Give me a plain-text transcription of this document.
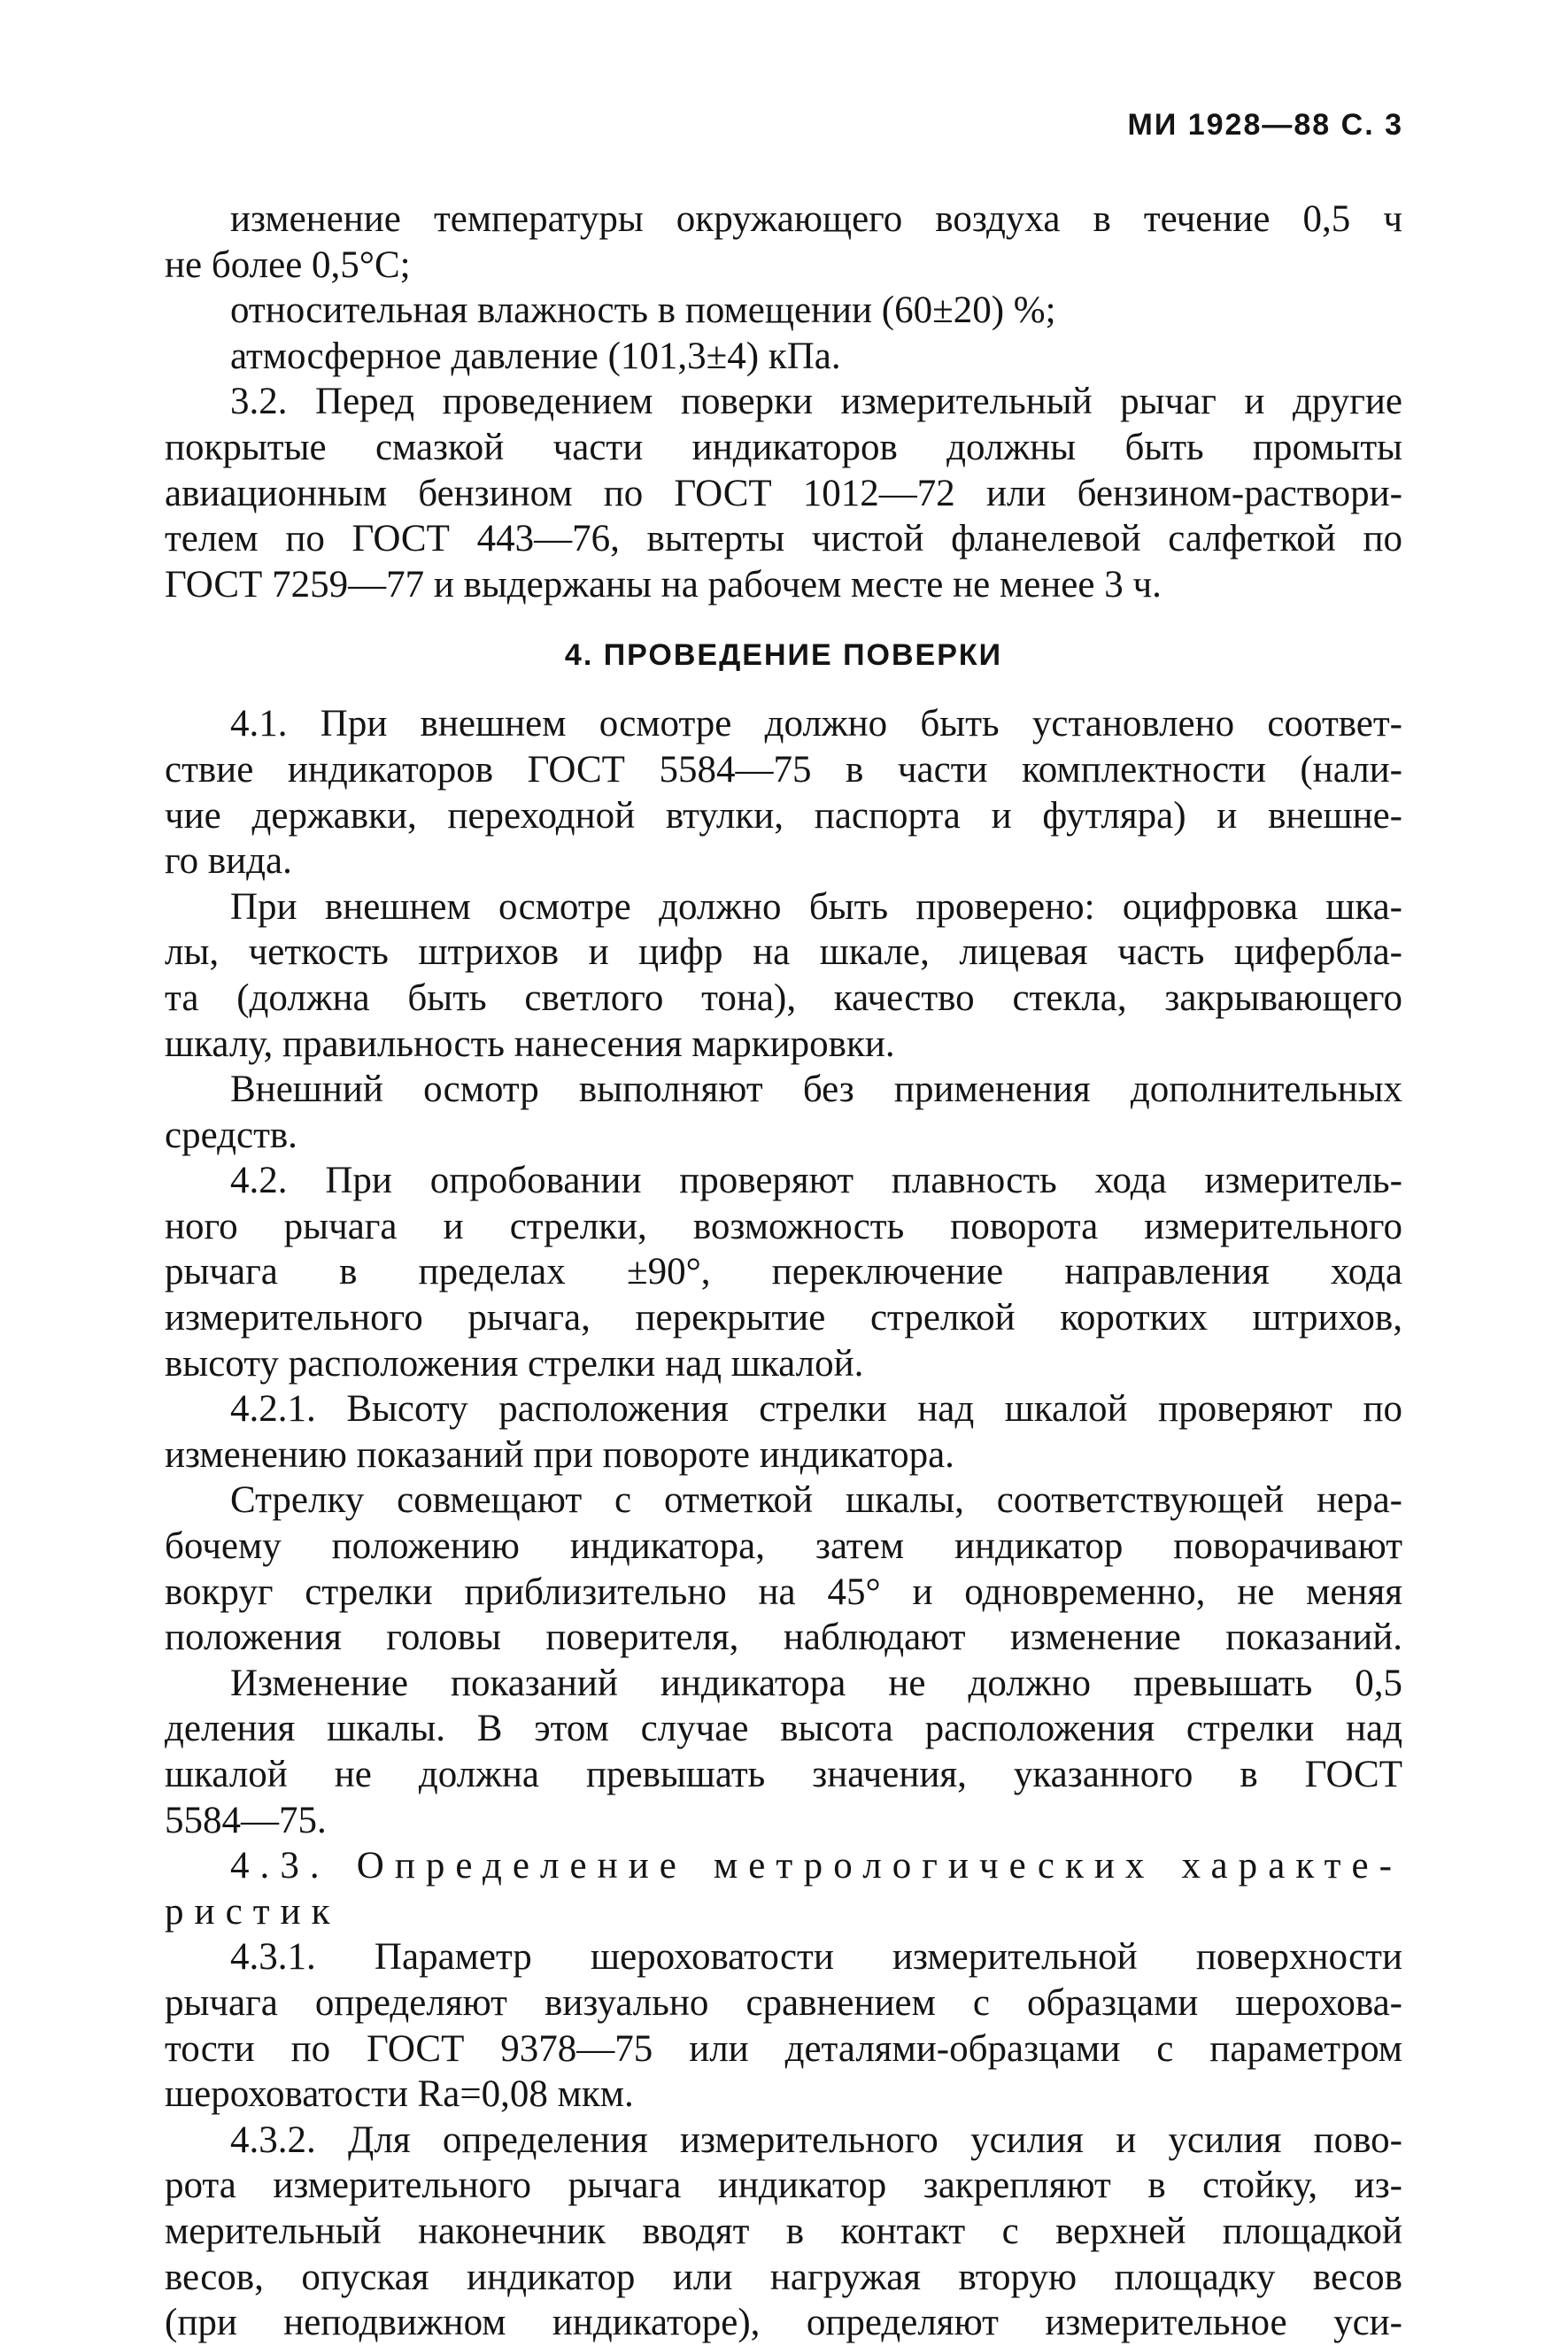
МИ 1928—88 С. 3
изменение температуры окружающего воздуха в течение 0,5 ч
не более 0,5°С;
относительная влажность в помещении (60±20) %;
атмосферное давление (101,3±4) кПа.
3.2. Перед проведением поверки измерительный рычаг и другие
покрытые смазкой части индикаторов должны быть промыты
авиационным бензином по ГОСТ 1012—72 или бензином-раствори-
телем по ГОСТ 443—76, вытерты чистой фланелевой салфеткой по
ГОСТ 7259—77 и выдержаны на рабочем месте не менее 3 ч.
4. ПРОВЕДЕНИЕ ПОВЕРКИ
4.1. При внешнем осмотре должно быть установлено соответ-
ствие индикаторов ГОСТ 5584—75 в части комплектности (нали-
чие державки, переходной втулки, паспорта и футляра) и внешне-
го вида.
При внешнем осмотре должно быть проверено: оцифровка шка-
лы, четкость штрихов и цифр на шкале, лицевая часть цифербла-
та (должна быть светлого тона), качество стекла, закрывающего
шкалу, правильность нанесения маркировки.
Внешний осмотр выполняют без применения дополнительных
средств.
4.2. При опробовании проверяют плавность хода измеритель-
ного рычага и стрелки, возможность поворота измерительного
рычага в пределах ±90°, переключение направления хода
измерительного рычага, перекрытие стрелкой коротких штрихов,
высоту расположения стрелки над шкалой.
4.2.1. Высоту расположения стрелки над шкалой проверяют по
изменению показаний при повороте индикатора.
Стрелку совмещают с отметкой шкалы, соответствующей нера-
бочему положению индикатора, затем индикатор поворачивают
вокруг стрелки приблизительно на 45° и одновременно, не меняя
положения головы поверителя, наблюдают изменение показаний.
Изменение показаний индикатора не должно превышать 0,5
деления шкалы. В этом случае высота расположения стрелки над
шкалой не должна превышать значения, указанного в ГОСТ
5584—75.
4.3. Определение метрологических характе-
ристик
4.3.1. Параметр шероховатости измерительной поверхности
рычага определяют визуально сравнением с образцами шерохова-
тости по ГОСТ 9378—75 или деталями-образцами с параметром
шероховатости Ra=0,08 мкм.
4.3.2. Для определения измерительного усилия и усилия пово-
рота измерительного рычага индикатор закрепляют в стойку, из-
мерительный наконечник вводят в контакт с верхней площадкой
весов, опуская индикатор или нагружая вторую площадку весов
(при неподвижном индикаторе), определяют измерительное уси-
